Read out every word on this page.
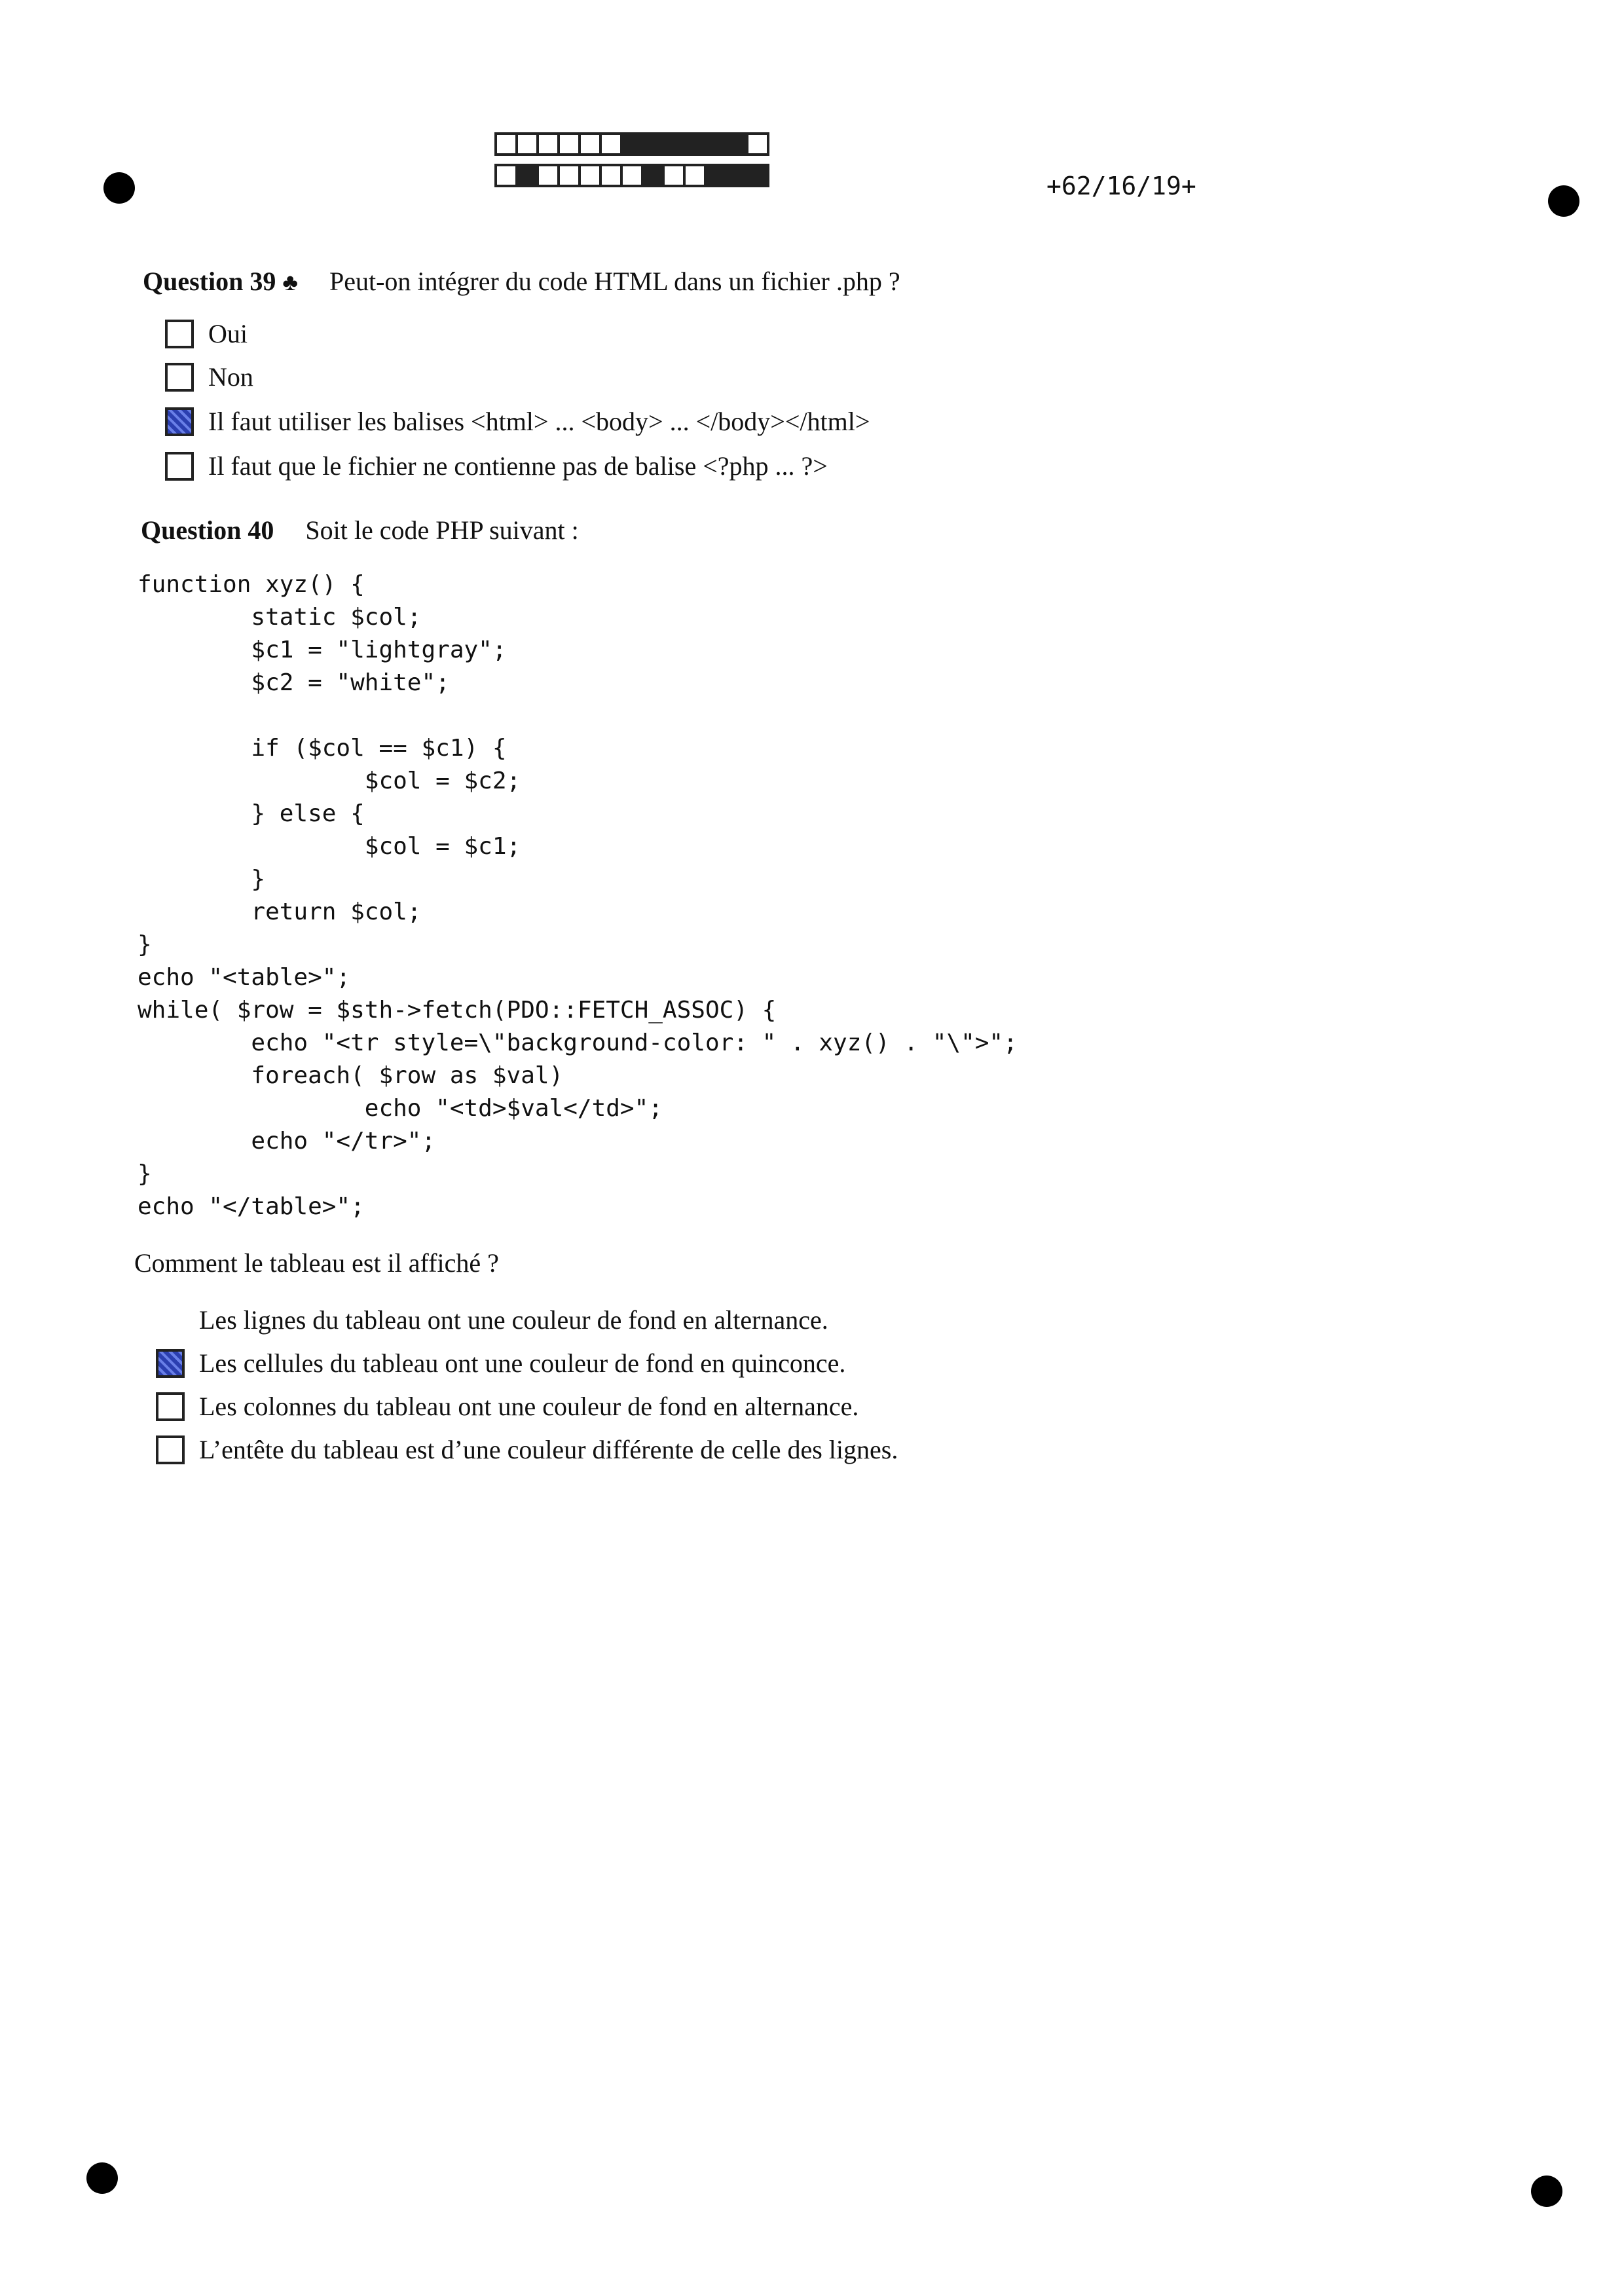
+62/16/19+
Question 39 ♣ Peut-on intégrer du code HTML dans un fichier .php ?
Oui
Non
Il faut utiliser les balises <html> ... <body> ... </body></html>
Il faut que le fichier ne contienne pas de balise <?php ... ?>
Question 40 Soit le code PHP suivant :
function xyz() {
static $col;
$c1 = "lightgray";
$c2 = "white";

if ($col == $c1) {
$col = $c2;
} else {
$col = $c1;
}
return $col;
}
echo "<table>";
while( $row = $sth->fetch(PDO::FETCH_ASSOC) {
echo "<tr style=\"background-color: " . xyz() . "\">";
foreach( $row as $val)
echo "<td>$val</td>";
echo "</tr>";
}
echo "</table>";
Comment le tableau est il affiché ?
Les lignes du tableau ont une couleur de fond en alternance.
Les cellules du tableau ont une couleur de fond en quinconce.
Les colonnes du tableau ont une couleur de fond en alternance.
L’entête du tableau est d’une couleur différente de celle des lignes.
